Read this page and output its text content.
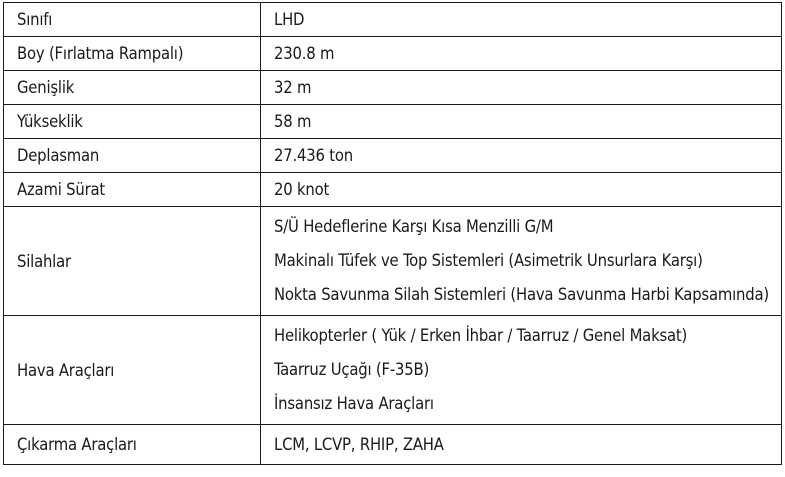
Sınıfı	LHD
Boy (Fırlatma Rampalı)	230.8 m
Genişlik	32 m
Yükseklik	58 m
Deplasman	27.436 ton
Azami Sürat	20 knot
Silahlar	S/Ü Hedeflerine Karşı Kısa Menzilli G/M
Makinalı Tüfek ve Top Sistemleri (Asimetrik Unsurlara Karşı)
Nokta Savunma Silah Sistemleri (Hava Savunma Harbi Kapsamında)

Hava Araçları	Helikopterler ( Yük / Erken İhbar / Taarruz / Genel Maksat)
Taarruz Uçağı (F-35B)
İnsansız Hava Araçları

Çıkarma Araçları	LCM, LCVP, RHIP, ZAHA
